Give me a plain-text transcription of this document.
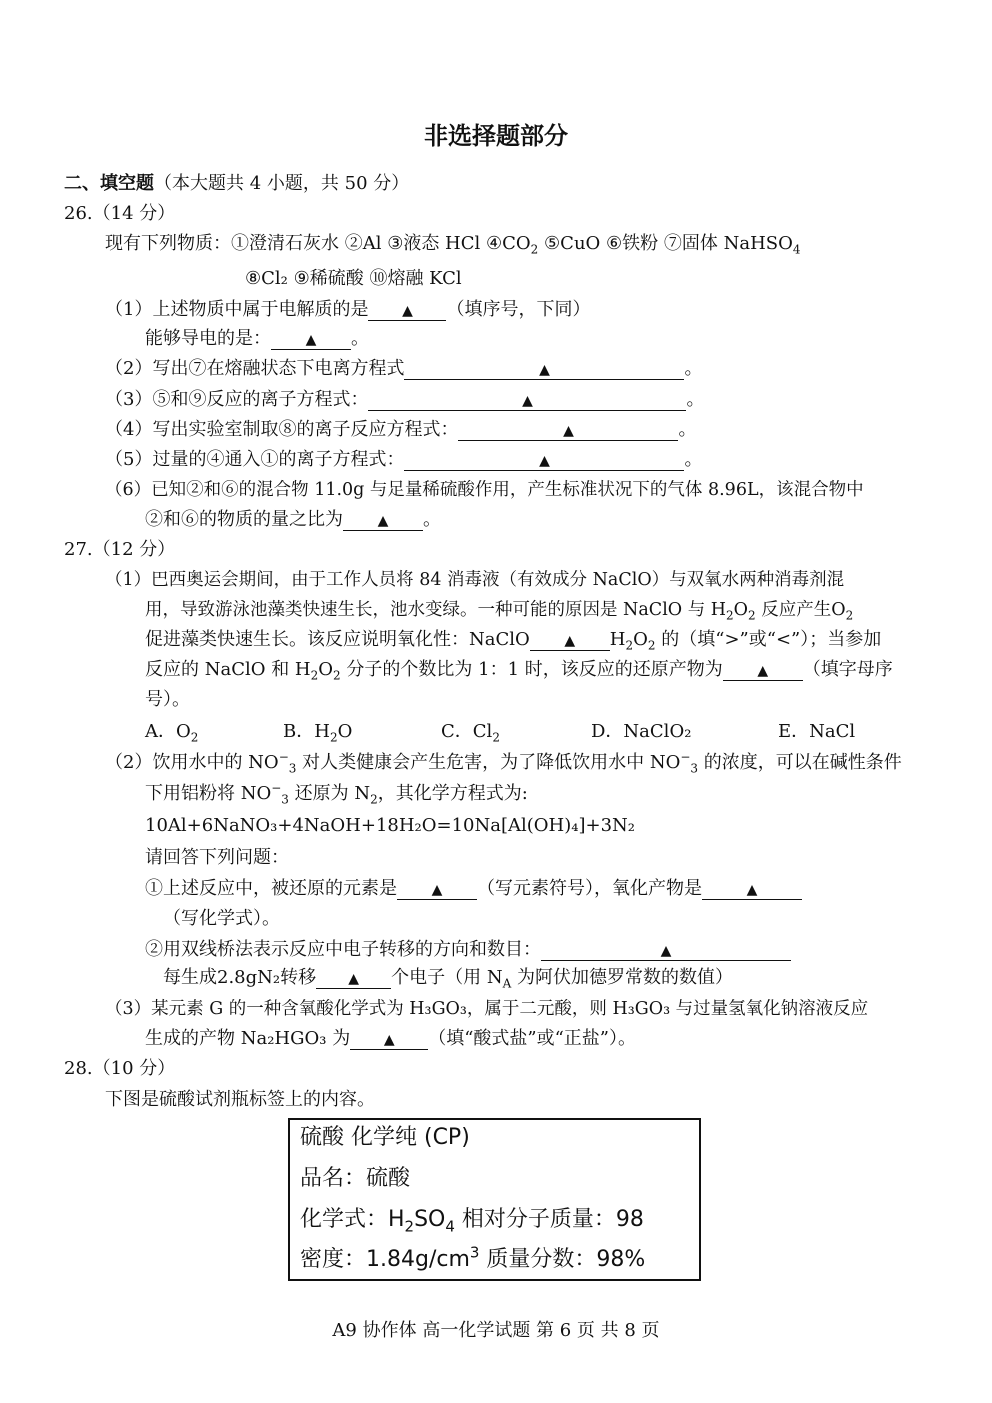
非选择题部分
二、填空题（本大题共 4 小题，共 50 分）
26.（14 分）
现有下列物质：①澄清石灰水 ②Al ③液态 HCl $④CO_2$ ⑤CuO ⑥铁粉 ⑦固体 NaHSO$_4$
⑧Cl₂ ⑨稀硫酸 ⑩熔融 KCl
（1）上述物质中属于电解质的是 ▲ （填序号，下同）
能够导电的是： ▲ 。
（2）写出⑦在熔融状态下电离方程式	▲	。
（3）⑤和⑨反应的离子方程式：	▲	。
（4）写出实验室制取⑧的离子反应方程式：	▲	。
（5）过量的④通入①的离子方程式：	▲	。
（6）已知②和⑥的混合物 11.0g 与足量稀硫酸作用，产生标准状况下的气体 8.96L，该混合物中
②和⑥的物质的量之比为 ▲ 。
27.（12 分）
（1）巴西奥运会期间，由于工作人员将 84 消毒液（有效成分 NaClO）与双氧水两种消毒剂混
用，导致游泳池藻类快速生长，池水变绿。一种可能的原因是 NaClO 与 $H_2O_2$ 反应产生$O_2$
促进藻类快速生长。该反应说明氧化性：NaClO ▲ $H_2O_2$ 的（填“>”或“<”）；当参加
反应的 NaClO 和 $H_2O_2$ 分子的个数比为 1：1 时，该反应的还原产物为 ▲ （填字母序
号）。
A．$O_2$	B．$H_2O$	C．$Cl_2$	D．NaClO₂	E．NaCl
（2）饮用水中的 $NO^-_3$ 对人类健康会产生危害，为了降低饮用水中 $NO^-_3$ 的浓度，可以在碱性条件
下用铝粉将 $NO^-_3$ 还原为 $N_2$，其化学方程式为:
10Al+6NaNO₃+4NaOH+18H₂O=10Na[Al(OH)₄]+3N₂
请回答下列问题：
①上述反应中，被还原的元素是 ▲ （写元素符号），氧化产物是	▲
（写化学式）。
②用双线桥法表示反应中电子转移的方向和数目：	▲
每生成2.8gN₂转移 ▲ 个电子（用 $N_A$ 为阿伏加德罗常数的数值）
（3）某元素 G 的一种含氧酸化学式为 H₃GO₃，属于二元酸，则 H₃GO₃ 与过量氢氧化钠溶液反应
生成的产物 Na₂HGO₃ 为 ▲ （填“酸式盐”或“正盐”）。
28.（10 分）
下图是硫酸试剂瓶标签上的内容。
硫酸 化学纯 (CP)
品名：硫酸
化学式：$H_2SO_4$ 相对分子质量：98
密度：$1.84g/cm^3$ 质量分数：98%
A9 协作体 高一化学试题 第 6 页 共 8 页
